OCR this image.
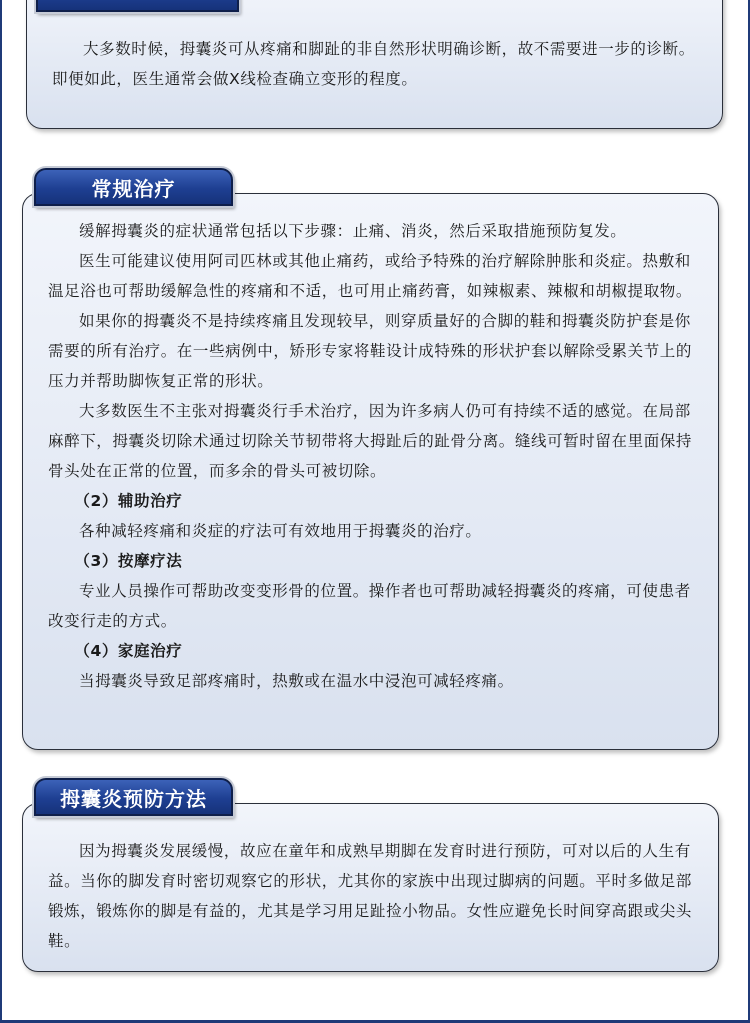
大多数时候，拇囊炎可从疼痛和脚趾的非自然形状明确诊断，故不需要进一步的诊断。即便如此，医生通常会做X线检查确立变形的程度。

常规治疗

缓解拇囊炎的症状通常包括以下步骤：止痛、消炎，然后采取措施预防复发。

医生可能建议使用阿司匹林或其他止痛药，或给予特殊的治疗解除肿胀和炎症。热敷和温足浴也可帮助缓解急性的疼痛和不适，也可用止痛药膏，如辣椒素、辣椒和胡椒提取物。

如果你的拇囊炎不是持续疼痛且发现较早，则穿质量好的合脚的鞋和拇囊炎防护套是你需要的所有治疗。在一些病例中，矫形专家将鞋设计成特殊的形状护套以解除受累关节上的压力并帮助脚恢复正常的形状。

大多数医生不主张对拇囊炎行手术治疗，因为许多病人仍可有持续不适的感觉。在局部麻醉下，拇囊炎切除术通过切除关节韧带将大拇趾后的趾骨分离。缝线可暂时留在里面保持骨头处在正常的位置，而多余的骨头可被切除。

（2）辅助治疗

各种减轻疼痛和炎症的疗法可有效地用于拇囊炎的治疗。

（3）按摩疗法

专业人员操作可帮助改变变形骨的位置。操作者也可帮助减轻拇囊炎的疼痛，可使患者改变行走的方式。

（4）家庭治疗

当拇囊炎导致足部疼痛时，热敷或在温水中浸泡可减轻疼痛。

拇囊炎预防方法

因为拇囊炎发展缓慢，故应在童年和成熟早期脚在发育时进行预防，可对以后的人生有益。当你的脚发育时密切观察它的形状，尤其你的家族中出现过脚病的问题。平时多做足部锻炼，锻炼你的脚是有益的，尤其是学习用足趾捡小物品。女性应避免长时间穿高跟或尖头鞋。
